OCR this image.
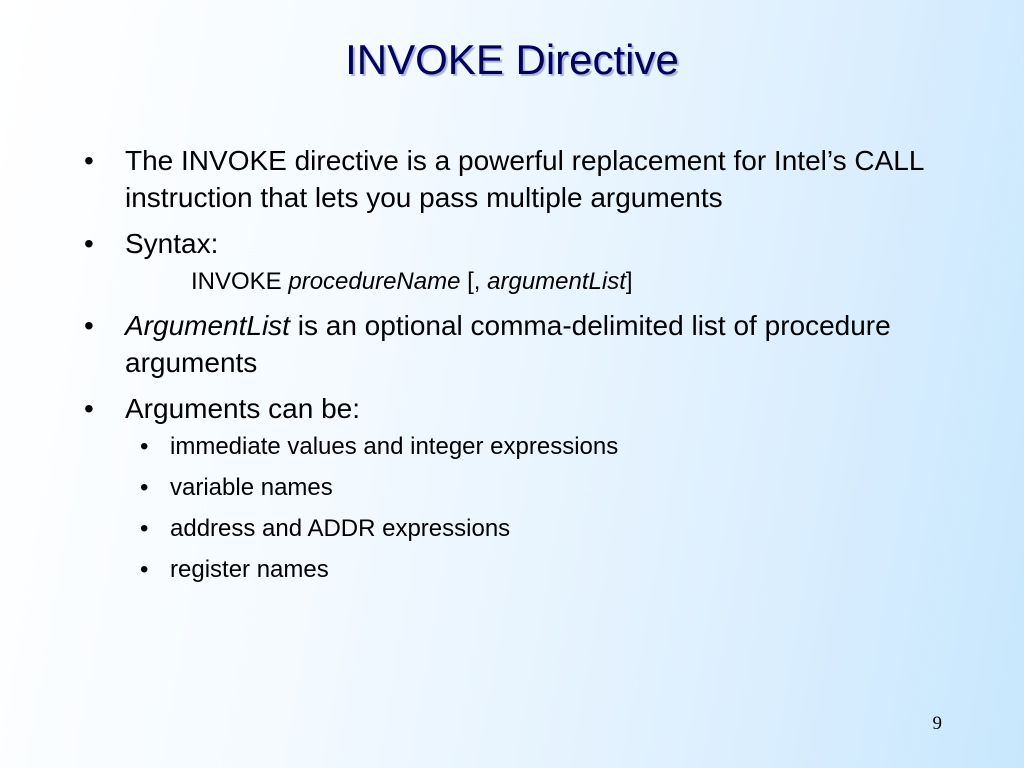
INVOKE Directive
• The INVOKE directive is a powerful replacement for Intel’s CALL instruction that lets you pass multiple arguments
• Syntax:
INVOKE procedureName [, argumentList]
• ArgumentList is an optional comma-delimited list of procedure arguments
• Arguments can be:
• immediate values and integer expressions
• variable names
• address and ADDR expressions
• register names
9
